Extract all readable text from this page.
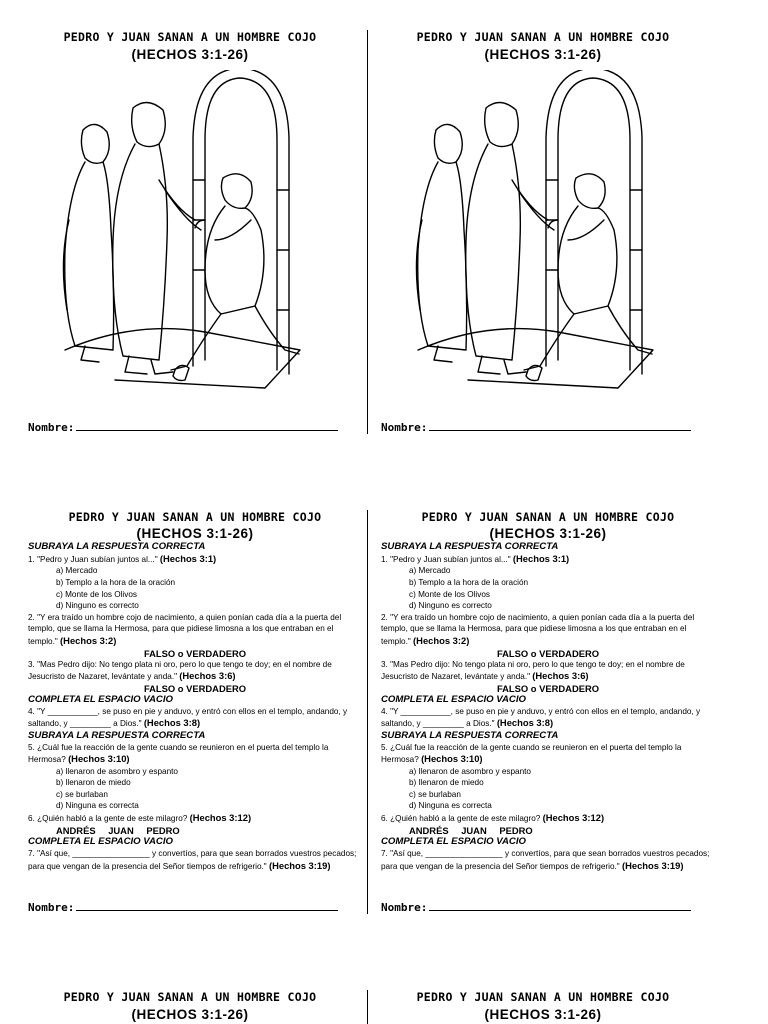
PEDRO Y JUAN SANAN A UN HOMBRE COJO
(HECHOS 3:1-26)
Nombre:
PEDRO Y JUAN SANAN A UN HOMBRE COJO
(HECHOS 3:1-26)
Nombre:
PEDRO Y JUAN SANAN A UN HOMBRE COJO
(HECHOS 3:1-26)
SUBRAYA LA RESPUESTA CORRECTA
1. "Pedro y Juan subían juntos al..." (Hechos 3:1)
a) Mercado
b) Templo a la hora de la oración
c) Monte de los Olivos
d) Ninguno es correcto
2. "Y era traído un hombre cojo de nacimiento, a quien ponían cada día a la puerta del templo, que se llama la Hermosa, para que pidiese limosna a los que entraban en el templo." (Hechos 3:2)
FALSO o VERDADERO
3. "Mas Pedro dijo: No tengo plata ni oro, pero lo que tengo te doy; en el nombre de Jesucristo de Nazaret, levántate y anda." (Hechos 3:6)
FALSO o VERDADERO
COMPLETA EL ESPACIO VACIO
4. "Y ___________, se puso en pie y anduvo, y entró con ellos en el templo, andando, y saltando, y _________ a Dios." (Hechos 3:8)
SUBRAYA LA RESPUESTA CORRECTA
5. ¿Cuál fue la reacción de la gente cuando se reunieron en el puerta del templo la Hermosa? (Hechos 3:10)
a) llenaron de asombro y espanto
b) llenaron de miedo
c) se burlaban
d) Ninguna es correcta
6. ¿Quién habló a la gente de este milagro? (Hechos 3:12)
ANDRÉS JUAN PEDRO
COMPLETA EL ESPACIO VACIO
7. "Así que, _________________ y convertíos, para que sean borrados vuestros pecados; para que vengan de la presencia del Señor tiempos de refrigerio." (Hechos 3:19)
Nombre:
PEDRO Y JUAN SANAN A UN HOMBRE COJO
(HECHOS 3:1-26)
SUBRAYA LA RESPUESTA CORRECTA
1. "Pedro y Juan subían juntos al..." (Hechos 3:1)
a) Mercado
b) Templo a la hora de la oración
c) Monte de los Olivos
d) Ninguno es correcto
2. "Y era traído un hombre cojo de nacimiento, a quien ponían cada día a la puerta del templo, que se llama la Hermosa, para que pidiese limosna a los que entraban en el templo." (Hechos 3:2)
FALSO o VERDADERO
3. "Mas Pedro dijo: No tengo plata ni oro, pero lo que tengo te doy; en el nombre de Jesucristo de Nazaret, levántate y anda." (Hechos 3:6)
FALSO o VERDADERO
COMPLETA EL ESPACIO VACIO
4. "Y ___________, se puso en pie y anduvo, y entró con ellos en el templo, andando, y saltando, y _________ a Dios." (Hechos 3:8)
SUBRAYA LA RESPUESTA CORRECTA
5. ¿Cuál fue la reacción de la gente cuando se reunieron en el puerta del templo la Hermosa? (Hechos 3:10)
a) llenaron de asombro y espanto
b) llenaron de miedo
c) se burlaban
d) Ninguna es correcta
6. ¿Quién habló a la gente de este milagro? (Hechos 3:12)
ANDRÉS JUAN PEDRO
COMPLETA EL ESPACIO VACIO
7. "Así que, _________________ y convertíos, para que sean borrados vuestros pecados; para que vengan de la presencia del Señor tiempos de refrigerio." (Hechos 3:19)
Nombre:
PEDRO Y JUAN SANAN A UN HOMBRE COJO
(HECHOS 3:1-26)
PEDRO Y JUAN SANAN A UN HOMBRE COJO
(HECHOS 3:1-26)
